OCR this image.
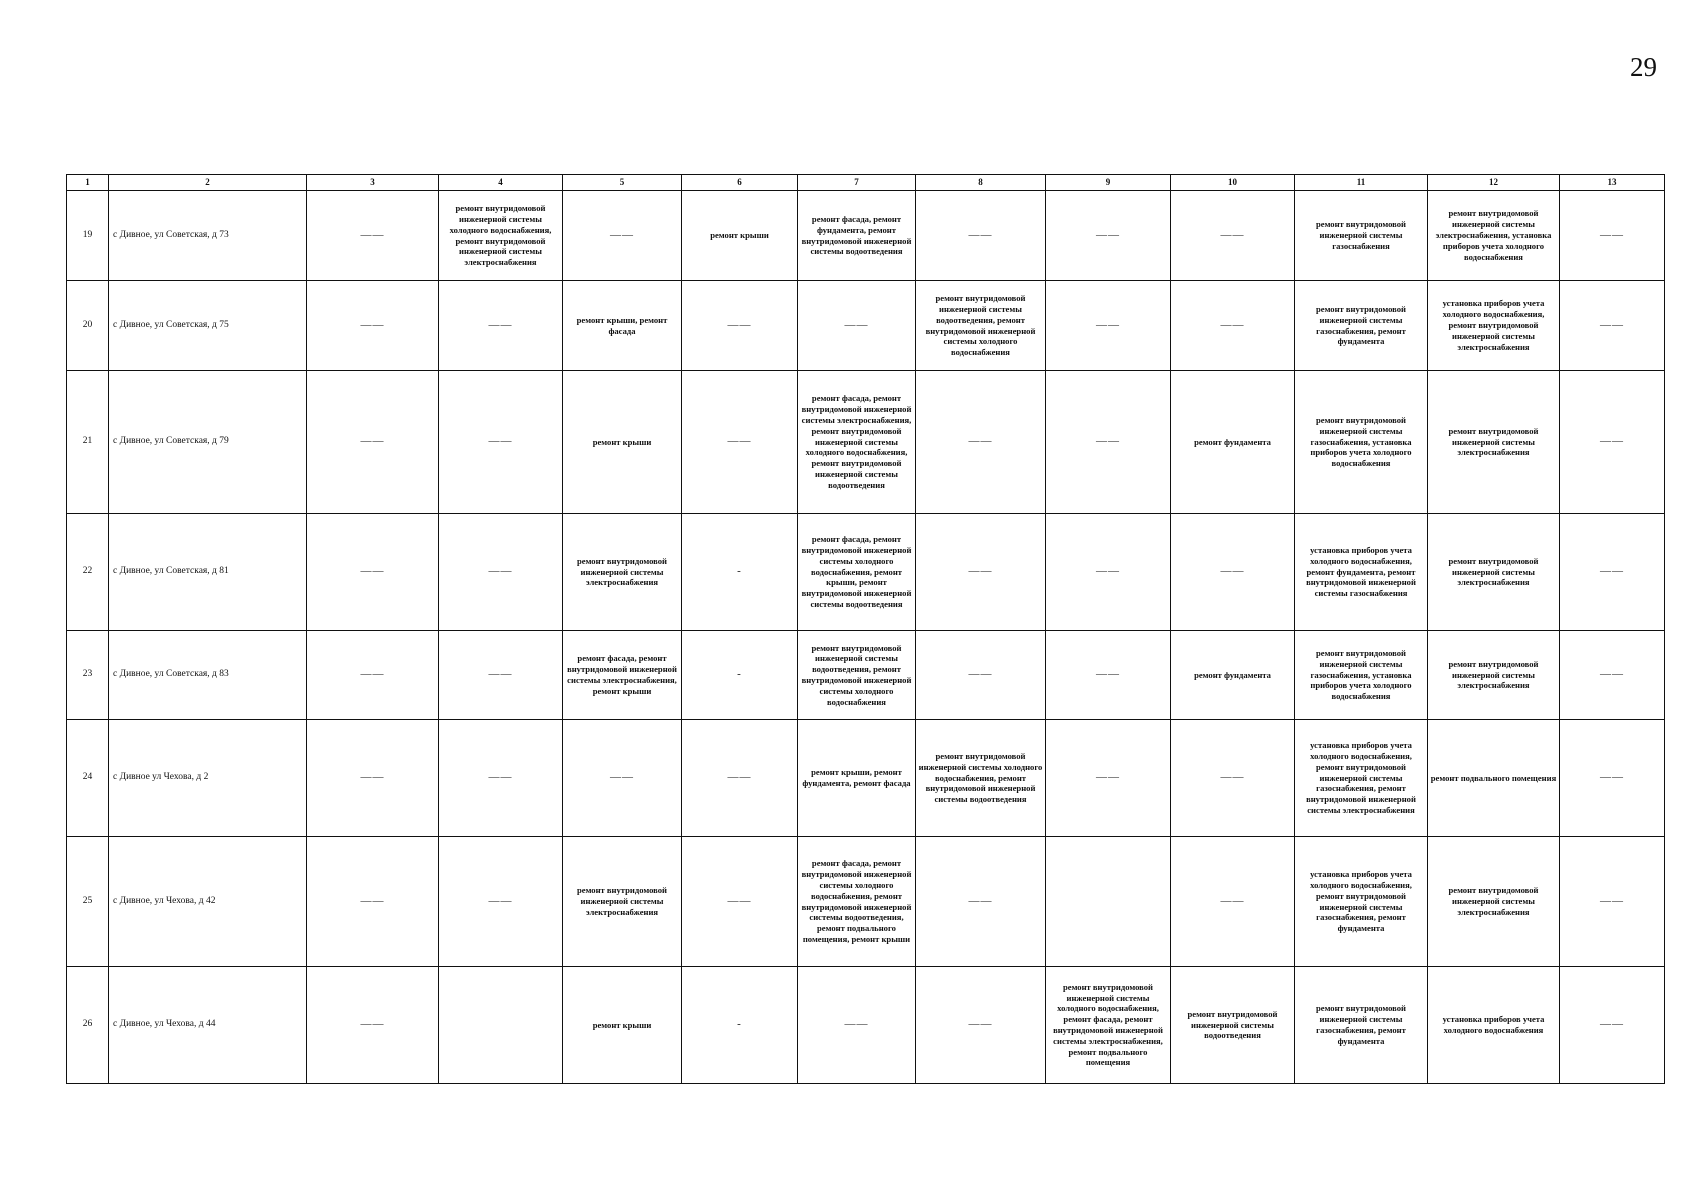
29
1	2	3	4	5	6	7	8	9	10	11	12	13
19	с Дивное, ул Советская, д 73	——	ремонт внутридомовой инженерной системы холодного водоснабжения, ремонт внутридомовой инженерной системы электроснабжения	——	ремонт крыши	ремонт фасада, ремонт фундамента, ремонт внутридомовой инженерной системы водоотведения	——	——	——	ремонт внутридомовой инженерной системы газоснабжения	ремонт внутридомовой инженерной системы электроснабжения, установка приборов учета холодного водоснабжения	——
20	с Дивное, ул Советская, д 75	——	——	ремонт крыши, ремонт фасада	——	——	ремонт внутридомовой инженерной системы водоотведения, ремонт внутридомовой инженерной системы холодного водоснабжения	——	——	ремонт внутридомовой инженерной системы газоснабжения, ремонт фундамента	установка приборов учета холодного водоснабжения, ремонт внутридомовой инженерной системы электроснабжения	——
21	с Дивное, ул Советская, д 79	——	——	ремонт крыши	——	ремонт фасада, ремонт внутридомовой инженерной системы электроснабжения, ремонт внутридомовой инженерной системы холодного водоснабжения, ремонт внутридомовой инженерной системы водоотведения	——	——	ремонт фундамента	ремонт внутридомовой инженерной системы газоснабжения, установка приборов учета холодного водоснабжения	ремонт внутридомовой инженерной системы электроснабжения	——
22	с Дивное, ул Советская, д 81	——	——	ремонт внутридомовой инженерной системы электроснабжения	-	ремонт фасада, ремонт внутридомовой инженерной системы холодного водоснабжения, ремонт крыши, ремонт внутридомовой инженерной системы водоотведения	——	——	——	установка приборов учета холодного водоснабжения, ремонт фундамента, ремонт внутридомовой инженерной системы газоснабжения	ремонт внутридомовой инженерной системы электроснабжения	——
23	с Дивное, ул Советская, д 83	——	——	ремонт фасада, ремонт внутридомовой инженерной системы электроснабжения, ремонт крыши	-	ремонт внутридомовой инженерной системы водоотведения, ремонт внутридомовой инженерной системы холодного водоснабжения	——	——	ремонт фундамента	ремонт внутридомовой инженерной системы газоснабжения, установка приборов учета холодного водоснабжения	ремонт внутридомовой инженерной системы электроснабжения	——
24	с Дивное ул Чехова, д 2	——	——	——	——	ремонт крыши, ремонт фундамента, ремонт фасада	ремонт внутридомовой инженерной системы холодного водоснабжения, ремонт внутридомовой инженерной системы водоотведения	——	——	установка приборов учета холодного водоснабжения, ремонт внутридомовой инженерной системы газоснабжения, ремонт внутридомовой инженерной системы электроснабжения	ремонт подвального помещения	——
25	с Дивное, ул Чехова, д 42	——	——	ремонт внутридомовой инженерной системы электроснабжения	——	ремонт фасада, ремонт внутридомовой инженерной системы холодного водоснабжения, ремонт внутридомовой инженерной системы водоотведения, ремонт подвального помещения, ремонт крыши	——		——	установка приборов учета холодного водоснабжения, ремонт внутридомовой инженерной системы газоснабжения, ремонт фундамента	ремонт внутридомовой инженерной системы электроснабжения	——
26	с Дивное, ул Чехова, д 44	——		ремонт крыши	-	——	——	ремонт внутридомовой инженерной системы холодного водоснабжения, ремонт фасада, ремонт внутридомовой инженерной системы электроснабжения, ремонт подвального помещения	ремонт внутридомовой инженерной системы водоотведения	ремонт внутридомовой инженерной системы газоснабжения, ремонт фундамента	установка приборов учета холодного водоснабжения	——
